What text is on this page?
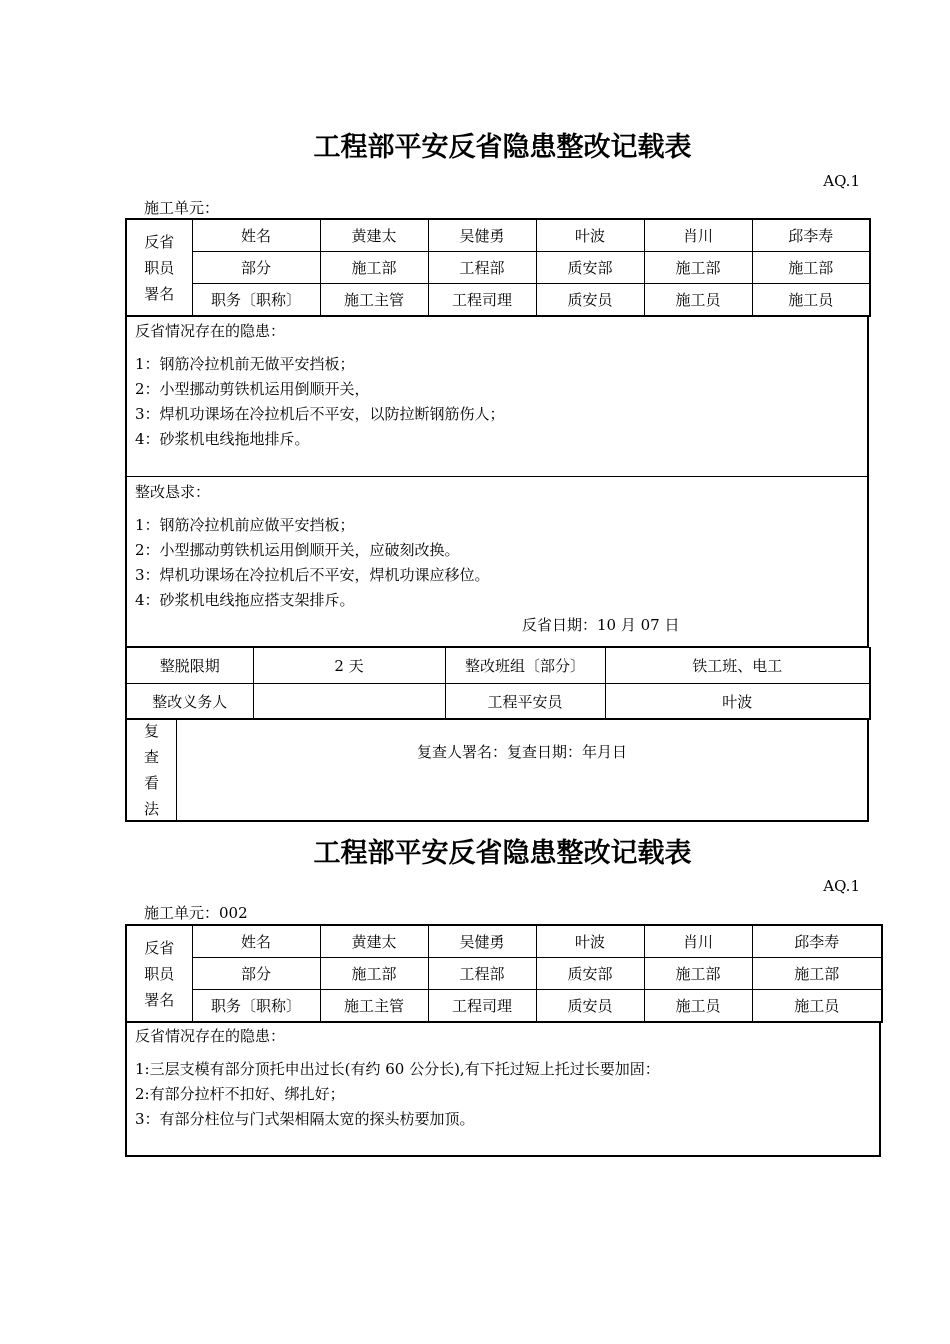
工程部平安反省隐患整改记载表
AQ.1
施工单元：
反省
职员
署名	姓名	黄建太	吴健勇	叶波	肖川	邱李寿
	部分	施工部	工程部	质安部	施工部	施工部
	职务〔职称〕	施工主管	工程司理	质安员	施工员	施工员
反省情况存在的隐患：
1：钢筋冷拉机前无做平安挡板；
2：小型挪动剪铁机运用倒顺开关，
3：焊机功课场在冷拉机后不平安，以防拉断钢筋伤人；
4：砂浆机电线拖地排斥。
整改恳求：
1：钢筋冷拉机前应做平安挡板；
2：小型挪动剪铁机运用倒顺开关，应破刻改换。
3：焊机功课场在冷拉机后不平安，焊机功课应移位。
4：砂浆机电线拖应搭支架排斥。
反省日期：10 月 07 日
整脱限期	2 天	整改班组〔部分〕	铁工班、电工
整改义务人		工程平安员	叶波
复
查
看
法
复查人署名：复查日期：年月日
工程部平安反省隐患整改记载表
AQ.1
施工单元：002
反省
职员
署名	姓名	黄建太	吴健勇	叶波	肖川	邱李寿
	部分	施工部	工程部	质安部	施工部	施工部
	职务〔职称〕	施工主管	工程司理	质安员	施工员	施工员
反省情况存在的隐患：
1:三层支模有部分顶托申出过长(有约 60 公分长),有下托过短上托过长要加固：
2:有部分拉杆不扣好、绑扎好；
3：有部分柱位与门式架相隔太宽的探头枋要加顶。
